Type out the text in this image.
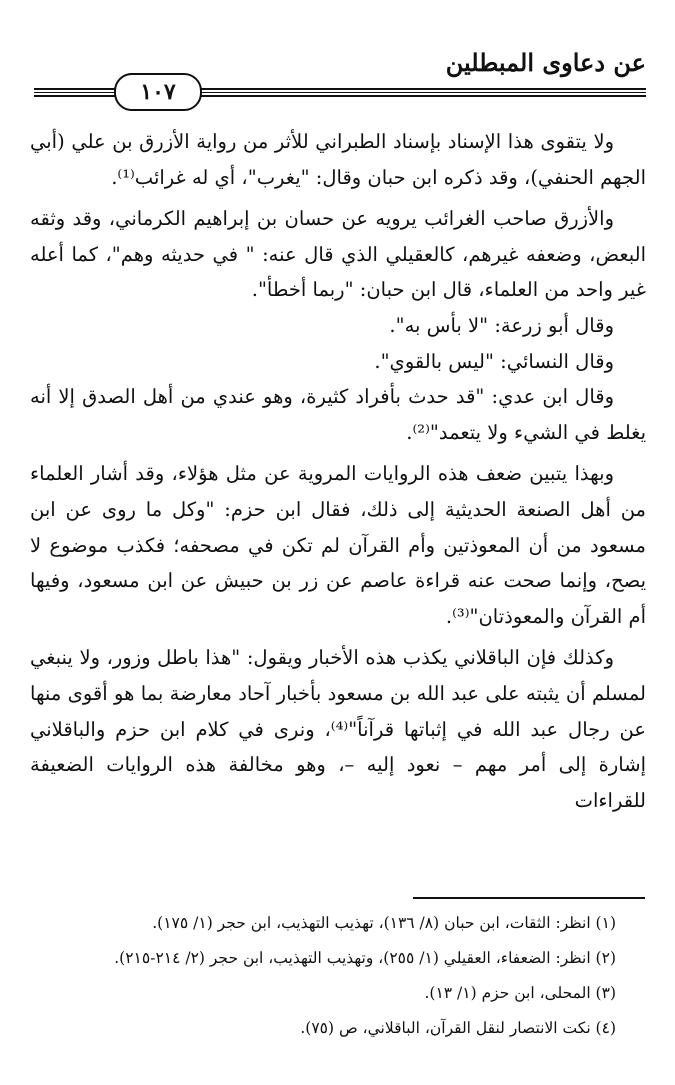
عن دعاوى المبطلين
١٠٧

ولا يتقوى هذا الإسناد بإسناد الطبراني للأثر من رواية الأزرق بن علي (أبي الجهم الحنفي)، وقد ذكره ابن حبان وقال: "يغرب"، أي له غرائب⁽¹⁾.

والأزرق صاحب الغرائب يرويه عن حسان بن إبراهيم الكرماني، وقد وثقه البعض، وضعفه غيرهم، كالعقيلي الذي قال عنه: " في حديثه وهم"، كما أعله غير واحد من العلماء، قال ابن حبان: "ربما أخطأ".

وقال أبو زرعة: "لا بأس به".

وقال النسائي: "ليس بالقوي".

وقال ابن عدي: "قد حدث بأفراد كثيرة، وهو عندي من أهل الصدق إلا أنه يغلط في الشيء ولا يتعمد"⁽²⁾.

وبهذا يتبين ضعف هذه الروايات المروية عن مثل هؤلاء، وقد أشار العلماء من أهل الصنعة الحديثية إلى ذلك، فقال ابن حزم: "وكل ما روى عن ابن مسعود من أن المعوذتين وأم القرآن لم تكن في مصحفه؛ فكذب موضوع لا يصح، وإنما صحت عنه قراءة عاصم عن زر بن حبيش عن ابن مسعود، وفيها أم القرآن والمعوذتان"⁽³⁾.

وكذلك فإن الباقلاني يكذب هذه الأخبار ويقول: "هذا باطل وزور، ولا ينبغي لمسلم أن يثبته على عبد الله بن مسعود بأخبار آحاد معارضة بما هو أقوى منها عن رجال عبد الله في إثباتها قرآناً"⁽⁴⁾، ونرى في كلام ابن حزم والباقلاني إشارة إلى أمر مهم – نعود إليه –، وهو مخالفة هذه الروايات الضعيفة للقراءات

(١) انظر: الثقات، ابن حبان (٨/ ١٣٦)، تهذيب التهذيب، ابن حجر (١/ ١٧٥).

(٢) انظر: الضعفاء، العقيلي (١/ ٢٥٥)، وتهذيب التهذيب، ابن حجر (٢/ ٢١٤-٢١٥).

(٣) المحلى، ابن حزم (١/ ١٣).

(٤) نكت الانتصار لنقل القرآن، الباقلاني، ص (٧٥).
